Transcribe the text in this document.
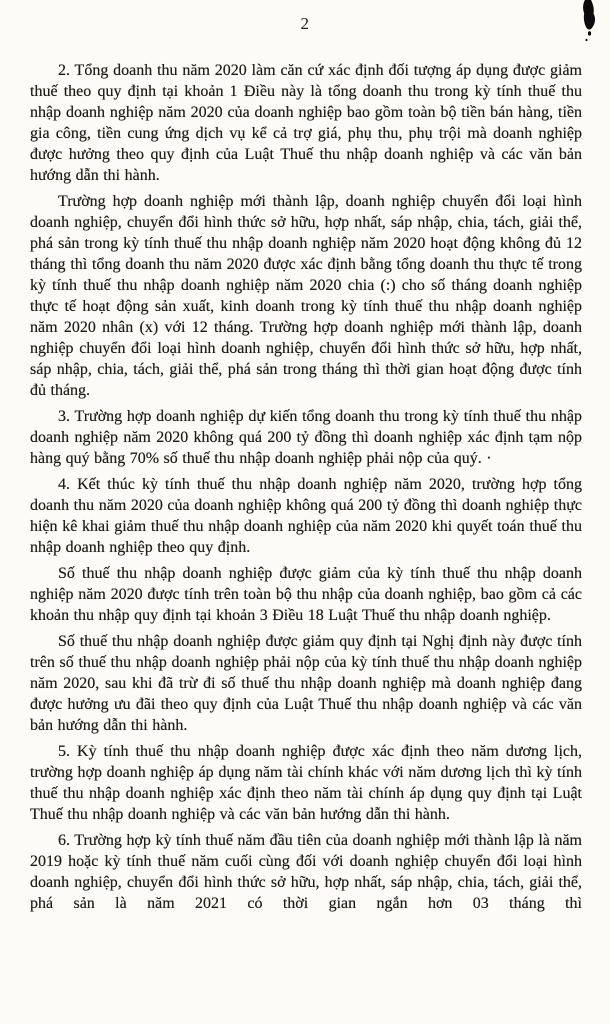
2

2. Tổng doanh thu năm 2020 làm căn cứ xác định đối tượng áp dụng được giảm thuế theo quy định tại khoản 1 Điều này là tổng doanh thu trong kỳ tính thuế thu nhập doanh nghiệp năm 2020 của doanh nghiệp bao gồm toàn bộ tiền bán hàng, tiền gia công, tiền cung ứng dịch vụ kể cả trợ giá, phụ thu, phụ trội mà doanh nghiệp được hưởng theo quy định của Luật Thuế thu nhập doanh nghiệp và các văn bản hướng dẫn thi hành.

Trường hợp doanh nghiệp mới thành lập, doanh nghiệp chuyển đổi loại hình doanh nghiệp, chuyển đổi hình thức sở hữu, hợp nhất, sáp nhập, chia, tách, giải thể, phá sản trong kỳ tính thuế thu nhập doanh nghiệp năm 2020 hoạt động không đủ 12 tháng thì tổng doanh thu năm 2020 được xác định bằng tổng doanh thu thực tế trong kỳ tính thuế thu nhập doanh nghiệp năm 2020 chia (:) cho số tháng doanh nghiệp thực tế hoạt động sản xuất, kinh doanh trong kỳ tính thuế thu nhập doanh nghiệp năm 2020 nhân (x) với 12 tháng. Trường hợp doanh nghiệp mới thành lập, doanh nghiệp chuyển đổi loại hình doanh nghiệp, chuyển đổi hình thức sở hữu, hợp nhất, sáp nhập, chia, tách, giải thể, phá sản trong tháng thì thời gian hoạt động được tính đủ tháng.

3. Trường hợp doanh nghiệp dự kiến tổng doanh thu trong kỳ tính thuế thu nhập doanh nghiệp năm 2020 không quá 200 tỷ đồng thì doanh nghiệp xác định tạm nộp hàng quý bằng 70% số thuế thu nhập doanh nghiệp phải nộp của quý. ·

4. Kết thúc kỳ tính thuế thu nhập doanh nghiệp năm 2020, trường hợp tổng doanh thu năm 2020 của doanh nghiệp không quá 200 tỷ đồng thì doanh nghiệp thực hiện kê khai giảm thuế thu nhập doanh nghiệp của năm 2020 khi quyết toán thuế thu nhập doanh nghiệp theo quy định.

Số thuế thu nhập doanh nghiệp được giảm của kỳ tính thuế thu nhập doanh nghiệp năm 2020 được tính trên toàn bộ thu nhập của doanh nghiệp, bao gồm cả các khoản thu nhập quy định tại khoản 3 Điều 18 Luật Thuế thu nhập doanh nghiệp.

Số thuế thu nhập doanh nghiệp được giảm quy định tại Nghị định này được tính trên số thuế thu nhập doanh nghiệp phải nộp của kỳ tính thuế thu nhập doanh nghiệp năm 2020, sau khi đã trừ đi số thuế thu nhập doanh nghiệp mà doanh nghiệp đang được hưởng ưu đãi theo quy định của Luật Thuế thu nhập doanh nghiệp và các văn bản hướng dẫn thi hành.

5. Kỳ tính thuế thu nhập doanh nghiệp được xác định theo năm dương lịch, trường hợp doanh nghiệp áp dụng năm tài chính khác với năm dương lịch thì kỳ tính thuế thu nhập doanh nghiệp xác định theo năm tài chính áp dụng quy định tại Luật Thuế thu nhập doanh nghiệp và các văn bản hướng dẫn thi hành.

6. Trường hợp kỳ tính thuế năm đầu tiên của doanh nghiệp mới thành lập là năm 2019 hoặc kỳ tính thuế năm cuối cùng đối với doanh nghiệp chuyển đổi loại hình doanh nghiệp, chuyển đổi hình thức sở hữu, hợp nhất, sáp nhập, chia, tách, giải thể, phá sản là năm 2021 có thời gian ngắn hơn 03 tháng thì
